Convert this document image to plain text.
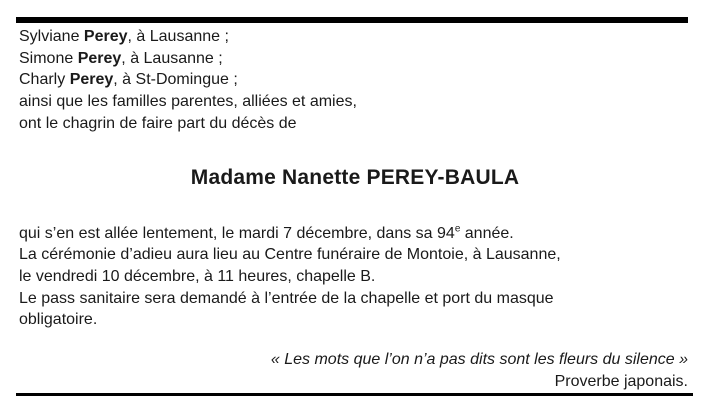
Sylviane Perey, à Lausanne ;
Simone Perey, à Lausanne ;
Charly Perey, à St-Domingue ;
ainsi que les familles parentes, alliées et amies,
ont le chagrin de faire part du décès de
Madame Nanette PEREY-BAULA
qui s’en est allée lentement, le mardi 7 décembre, dans sa 94e année.
La cérémonie d’adieu aura lieu au Centre funéraire de Montoie, à Lausanne,
le vendredi 10 décembre, à 11 heures, chapelle B.
Le pass sanitaire sera demandé à l’entrée de la chapelle et port du masque
obligatoire.
« Les mots que l’on n’a pas dits sont les fleurs du silence »
Proverbe japonais.
